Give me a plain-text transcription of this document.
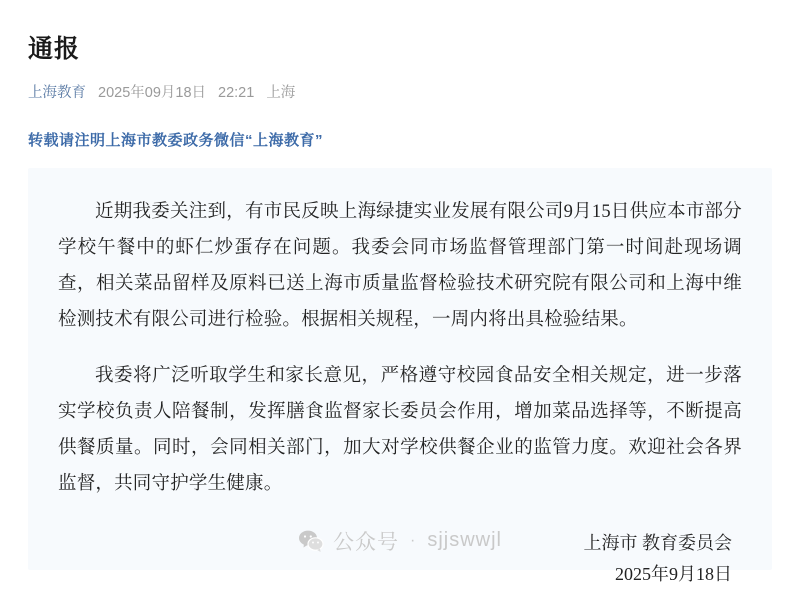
通报
上海教育 2025年09月18日 22:21 上海
转载请注明上海市教委政务微信“上海教育”

近期我委关注到，有市民反映上海绿捷实业发展有限公司9月15日供应本市部分学校午餐中的虾仁炒蛋存在问题。我委会同市场监督管理部门第一时间赴现场调查，相关菜品留样及原料已送上海市质量监督检验技术研究院有限公司和上海中维检测技术有限公司进行检验。根据相关规程，一周内将出具检验结果。

我委将广泛听取学生和家长意见，严格遵守校园食品安全相关规定，进一步落实学校负责人陪餐制，发挥膳食监督家长委员会作用，增加菜品选择等，不断提高供餐质量。同时，会同相关部门，加大对学校供餐企业的监管力度。欢迎社会各界监督，共同守护学生健康。

上海市 教育委员会
2025年9月18日
公众号 · sjjswwjl
